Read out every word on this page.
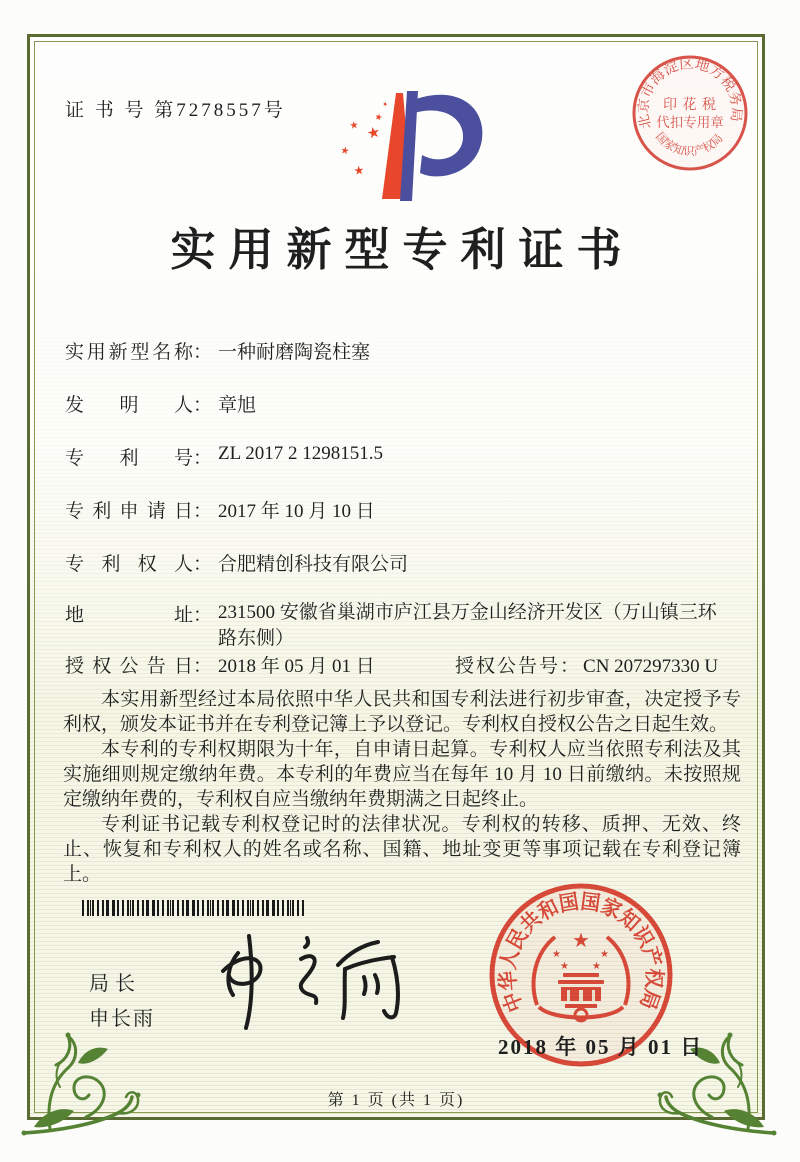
证 书 号 第7278557号
★
★
★
★
★
★
北京市海淀区地方税务局
国家知识产权局
印 花 税
代扣专用章
实用新型专利证书
实用新型名称： 一种耐磨陶瓷柱塞
发明人： 章旭
专利号： ZL 2017 2 1298151.5
专利申请日： 2017 年 10 月 10 日
专利权人： 合肥精创科技有限公司
地址： 231500 安徽省巢湖市庐江县万金山经济开发区（万山镇三环路东侧）
授权公告日： 2018 年 05 月 01 日	授权公告号： CN 207297330 U

本实用新型经过本局依照中华人民共和国专利法进行初步审查，决定授予专利权，颁发本证书并在专利登记簿上予以登记。专利权自授权公告之日起生效。

本专利的专利权期限为十年，自申请日起算。专利权人应当依照专利法及其实施细则规定缴纳年费。本专利的年费应当在每年 10 月 10 日前缴纳。未按照规定缴纳年费的，专利权自应当缴纳年费期满之日起终止。

专利证书记载专利权登记时的法律状况。专利权的转移、质押、无效、终止、恢复和专利权人的姓名或名称、国籍、地址变更等事项记载在专利登记簿上。

局长
申长雨
中华人民共和国国家知识产权局
★
★	★
★ ★
2018 年 05 月 01 日
第 1 页 (共 1 页)
